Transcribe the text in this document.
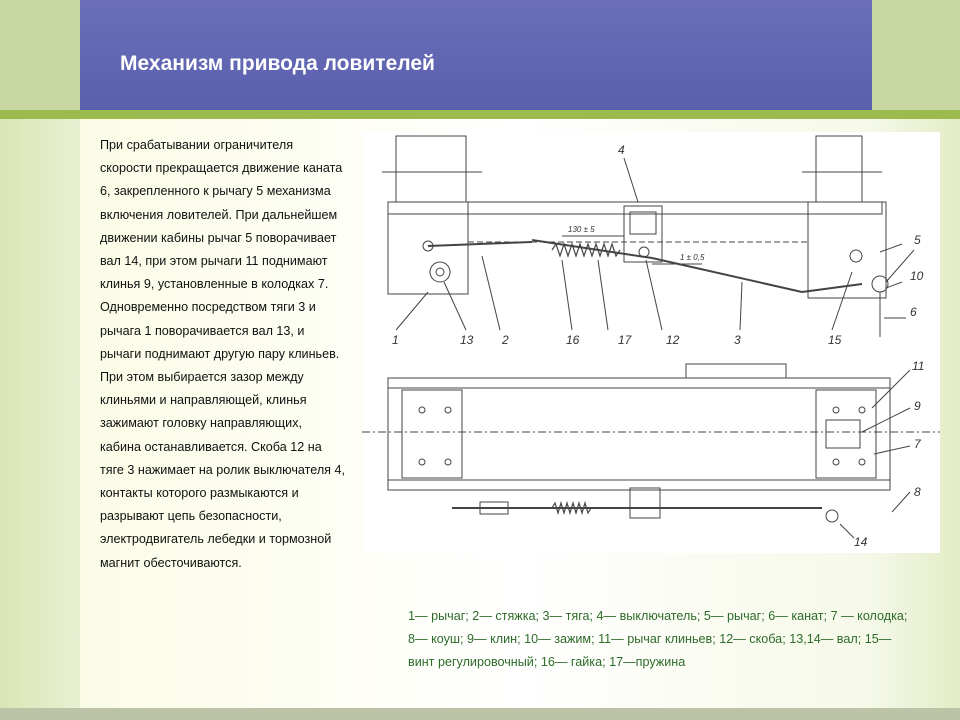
Механизм привода ловителей
При срабатывании ограничителя скорости прекращается движение каната 6, закрепленного к рычагу 5 механизма включения ловителей. При дальнейшем движении кабины рычаг 5 поворачивает вал 14, при этом рычаги 11 поднимают клинья 9, установленные в колодках 7. Одновременно посредством тяги 3 и рычага 1 поворачивается вал 13, и рычаги поднимают другую пару клиньев. При этом выбирается зазор между клиньями и направляющей, клинья зажимают головку направляющих, кабина останавливается. Скоба 12 на тяге 3 нажимает на ролик выключателя 4, контакты которого размыкаются и разрывают цепь безопасности, электродвигатель лебедки и тормозной магнит обесточиваются.
4
5
10
6
1	13 2	16	17	12	3	15
130 ± 5
1 ± 0,5
11
9
7
8
14
1— рычаг; 2— стяжка; 3— тяга; 4— выключатель; 5— рычаг; 6— канат; 7 — колодка; 8— коуш; 9— клин; 10— зажим; 11— рычаг клиньев; 12— скоба; 13,14— вал; 15— винт регулировочный; 16— гайка; 17—пружина
